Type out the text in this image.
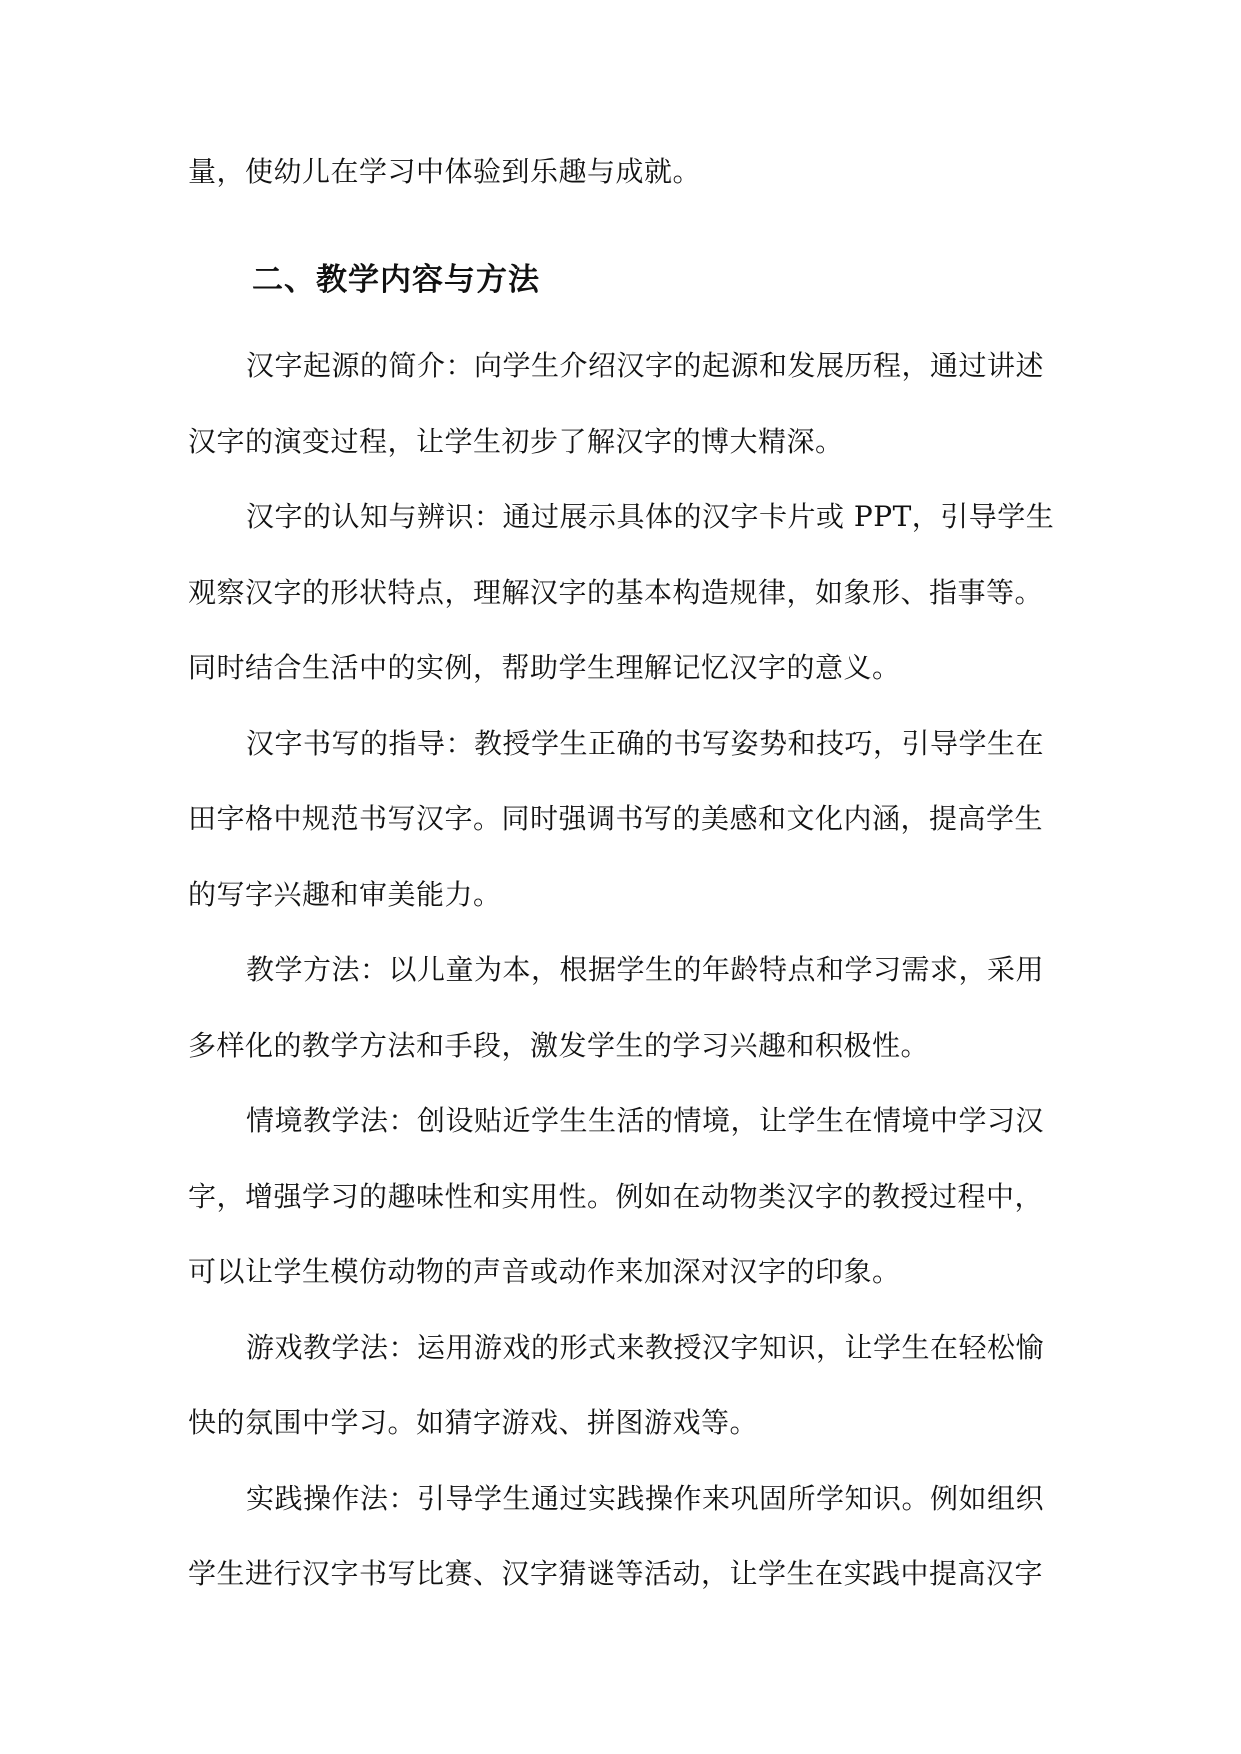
量，使幼儿在学习中体验到乐趣与成就。
二、教学内容与方法
汉字起源的简介：向学生介绍汉字的起源和发展历程，通过讲述
汉字的演变过程，让学生初步了解汉字的博大精深。
汉字的认知与辨识：通过展示具体的汉字卡片或 PPT，引导学生
观察汉字的形状特点，理解汉字的基本构造规律，如象形、指事等。
同时结合生活中的实例，帮助学生理解记忆汉字的意义。
汉字书写的指导：教授学生正确的书写姿势和技巧，引导学生在
田字格中规范书写汉字。同时强调书写的美感和文化内涵，提高学生
的写字兴趣和审美能力。
教学方法：以儿童为本，根据学生的年龄特点和学习需求，采用
多样化的教学方法和手段，激发学生的学习兴趣和积极性。
情境教学法：创设贴近学生生活的情境，让学生在情境中学习汉
字，增强学习的趣味性和实用性。例如在动物类汉字的教授过程中，
可以让学生模仿动物的声音或动作来加深对汉字的印象。
游戏教学法：运用游戏的形式来教授汉字知识，让学生在轻松愉
快的氛围中学习。如猜字游戏、拼图游戏等。
实践操作法：引导学生通过实践操作来巩固所学知识。例如组织
学生进行汉字书写比赛、汉字猜谜等活动，让学生在实践中提高汉字
